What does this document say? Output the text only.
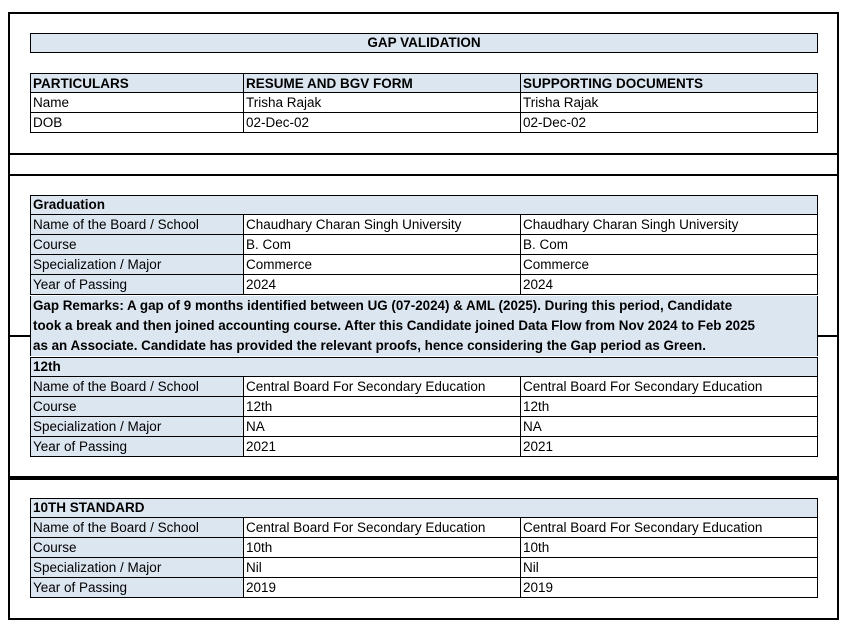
GAP VALIDATION
PARTICULARS	RESUME AND BGV FORM	SUPPORTING DOCUMENTS
Name	Trisha Rajak	Trisha Rajak
DOB	02-Dec-02	02-Dec-02
Graduation
Name of the Board / School	Chaudhary Charan Singh University	Chaudhary Charan Singh University
Course	B. Com	B. Com
Specialization / Major	Commerce	Commerce
Year of Passing	2024	2024
Gap Remarks: A gap of 9 months identified between UG (07-2024) & AML (2025). During this period, Candidate
took a break and then joined accounting course. After this Candidate joined Data Flow from Nov 2024 to Feb 2025
as an Associate. Candidate has provided the relevant proofs, hence considering the Gap period as Green.
12th
Name of the Board / School	Central Board For Secondary Education	Central Board For Secondary Education
Course	12th	12th
Specialization / Major	NA	NA
Year of Passing	2021	2021
10TH STANDARD
Name of the Board / School	Central Board For Secondary Education	Central Board For Secondary Education
Course	10th	10th
Specialization / Major	Nil	Nil
Year of Passing	2019	2019
